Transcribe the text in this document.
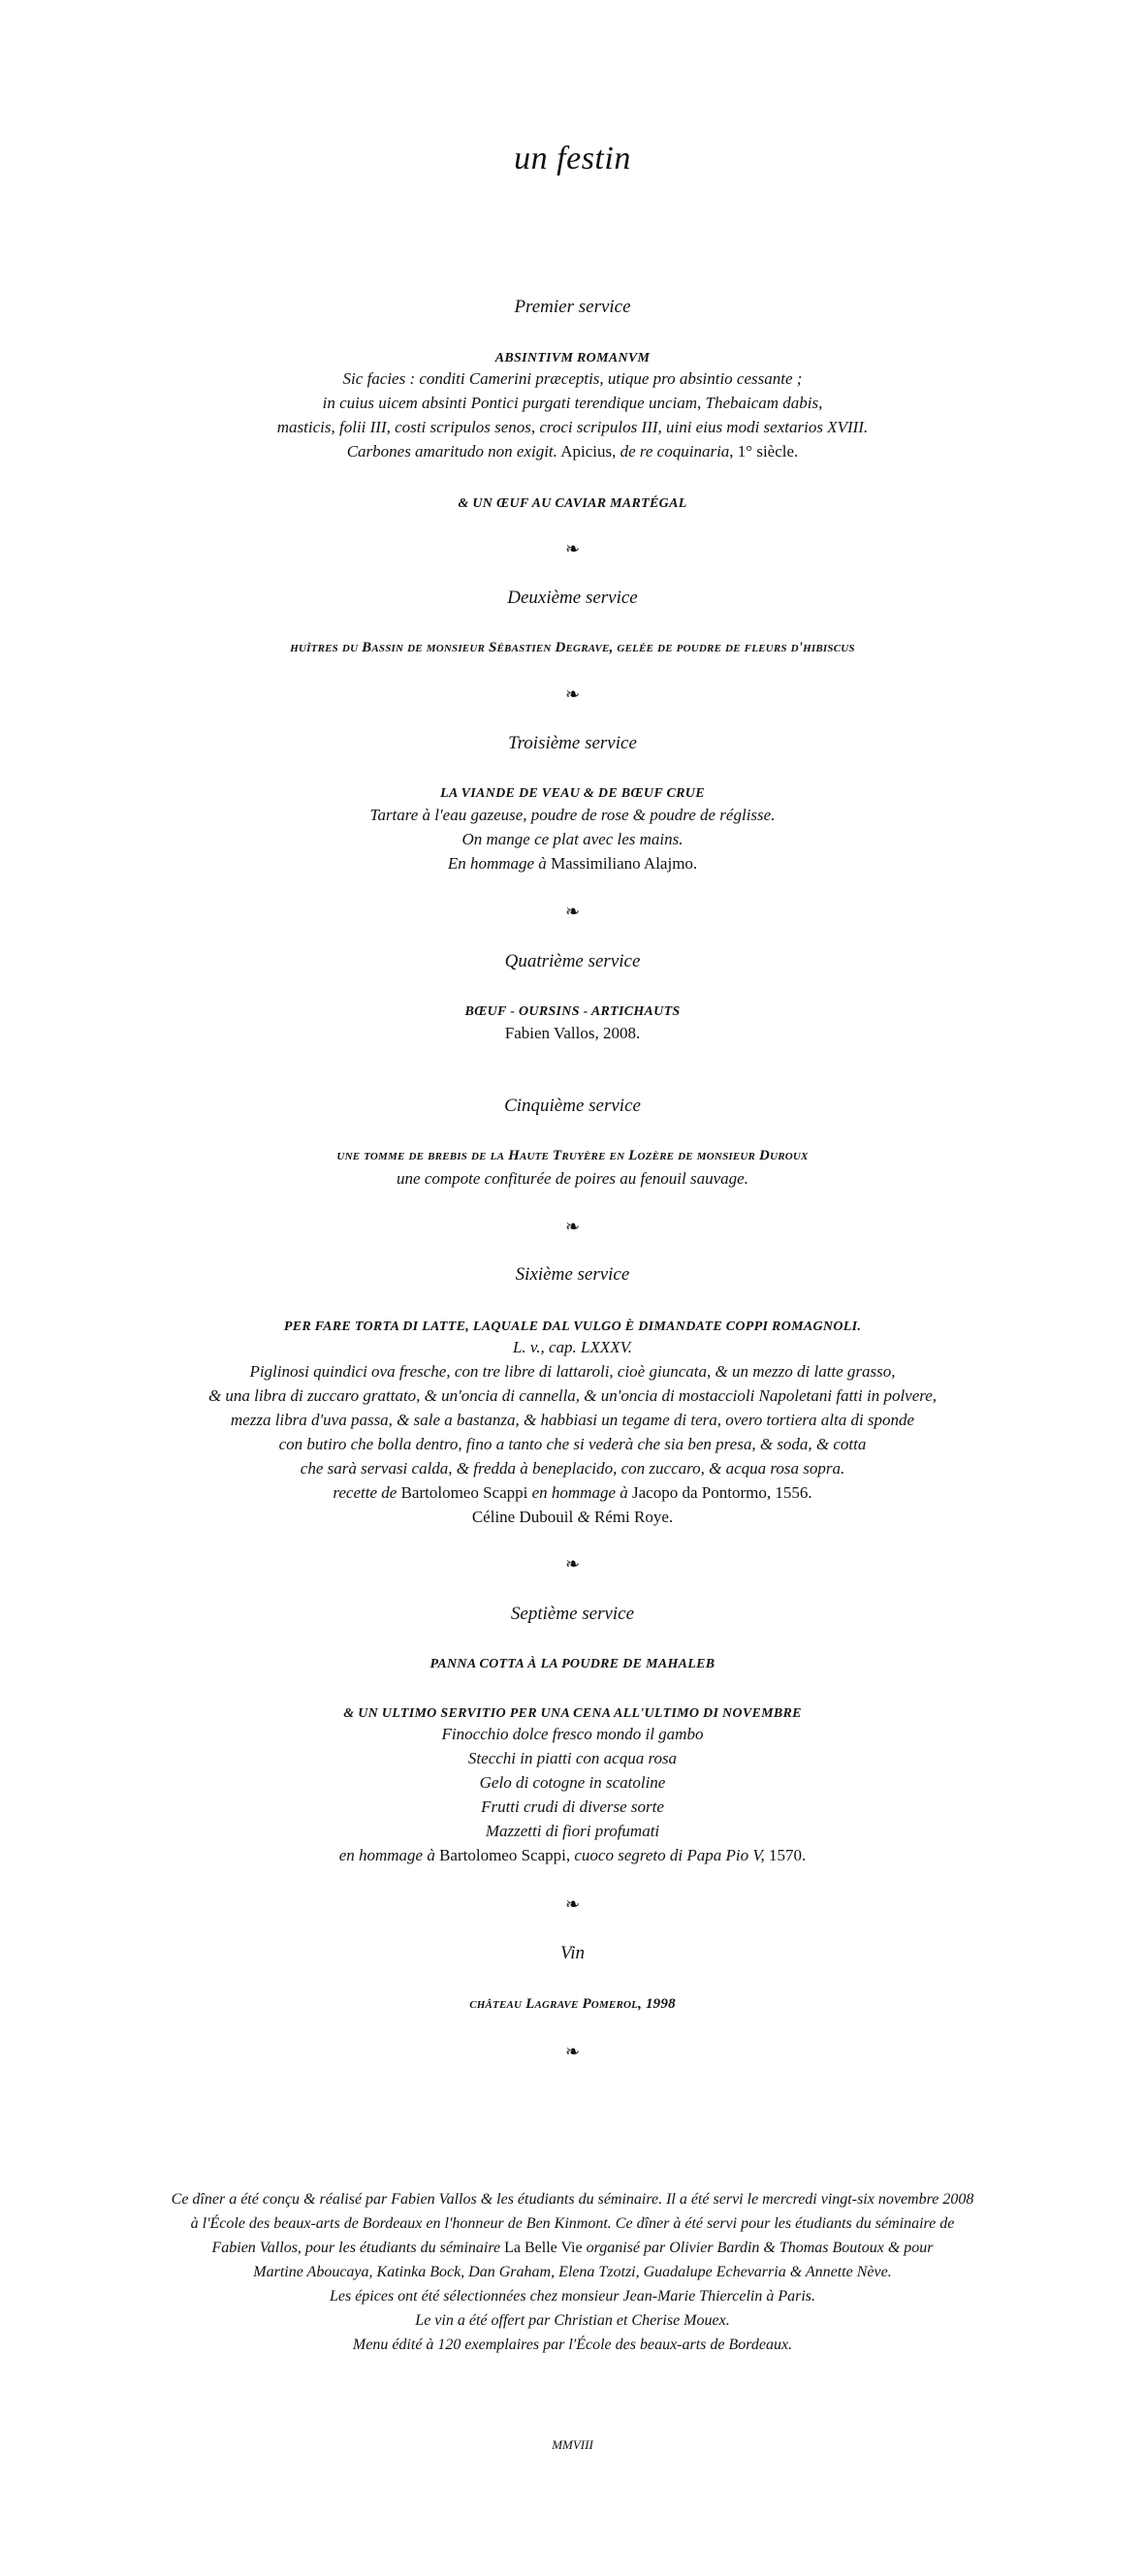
un festin
Premier service
ABSINTIVM ROMANVM
Sic facies : conditi Camerini præceptis, utique pro absintio cessante ;
in cuius uicem absinti Pontici purgati terendique unciam, Thebaicam dabis,
masticis, folii III, costi scripulos senos, croci scripulos III, uini eius modi sextarios XVIII.
Carbones amaritudo non exigit. Apicius, de re coquinaria, 1° siècle.
& UN ŒUF AU CAVIAR MARTÉGAL
❧
Deuxième service
huîtres du Bassin de monsieur Sébastien Degrave, gelée de poudre de fleurs d'hibiscus
❧
Troisième service
LA VIANDE DE VEAU & DE BŒUF CRUE
Tartare à l'eau gazeuse, poudre de rose & poudre de réglisse.
On mange ce plat avec les mains.
En hommage à Massimiliano Alajmo.
❧
Quatrième service
BŒUF - OURSINS - ARTICHAUTS
Fabien Vallos, 2008.
Cinquième service
une tomme de brebis de la Haute Truyère en Lozère de monsieur Duroux
une compote confiturée de poires au fenouil sauvage.
❧
Sixième service
PER FARE TORTA DI LATTE, LAQUALE DAL VULGO È DIMANDATE COPPI ROMAGNOLI.
L. v., cap. LXXXV.
Piglinosi quindici ova fresche, con tre libre di lattaroli, cioè giuncata, & un mezzo di latte grasso,
& una libra di zuccaro grattato, & un'oncia di cannella, & un'oncia di mostaccioli Napoletani fatti in polvere,
mezza libra d'uva passa, & sale a bastanza, & habbiasi un tegame di tera, overo tortiera alta di sponde
con butiro che bolla dentro, fino a tanto che si vederà che sia ben presa, & soda, & cotta
che sarà servasi calda, & fredda à beneplacido, con zuccaro, & acqua rosa sopra.
recette de Bartolomeo Scappi en hommage à Jacopo da Pontormo, 1556.
Céline Dubouil & Rémi Roye.
❧
Septième service
PANNA COTTA À LA POUDRE DE MAHALEB
& UN ULTIMO SERVITIO PER UNA CENA ALL'ULTIMO DI NOVEMBRE
Finocchio dolce fresco mondo il gambo
Stecchi in piatti con acqua rosa
Gelo di cotogne in scatoline
Frutti crudi di diverse sorte
Mazzetti di fiori profumati
en hommage à Bartolomeo Scappi, cuoco segreto di Papa Pio V, 1570.
❧
Vin
château Lagrave Pomerol, 1998
❧
Ce dîner a été conçu & réalisé par Fabien Vallos & les étudiants du séminaire. Il a été servi le mercredi vingt-six novembre 2008
à l'École des beaux-arts de Bordeaux en l'honneur de Ben Kinmont. Ce dîner à été servi pour les étudiants du séminaire de
Fabien Vallos, pour les étudiants du séminaire La Belle Vie organisé par Olivier Bardin & Thomas Boutoux & pour
Martine Aboucaya, Katinka Bock, Dan Graham, Elena Tzotzi, Guadalupe Echevarria & Annette Nève.
Les épices ont été sélectionnées chez monsieur Jean-Marie Thiercelin à Paris.
Le vin a été offert par Christian et Cherise Mouex.
Menu édité à 120 exemplaires par l'École des beaux-arts de Bordeaux.
MMVIII
